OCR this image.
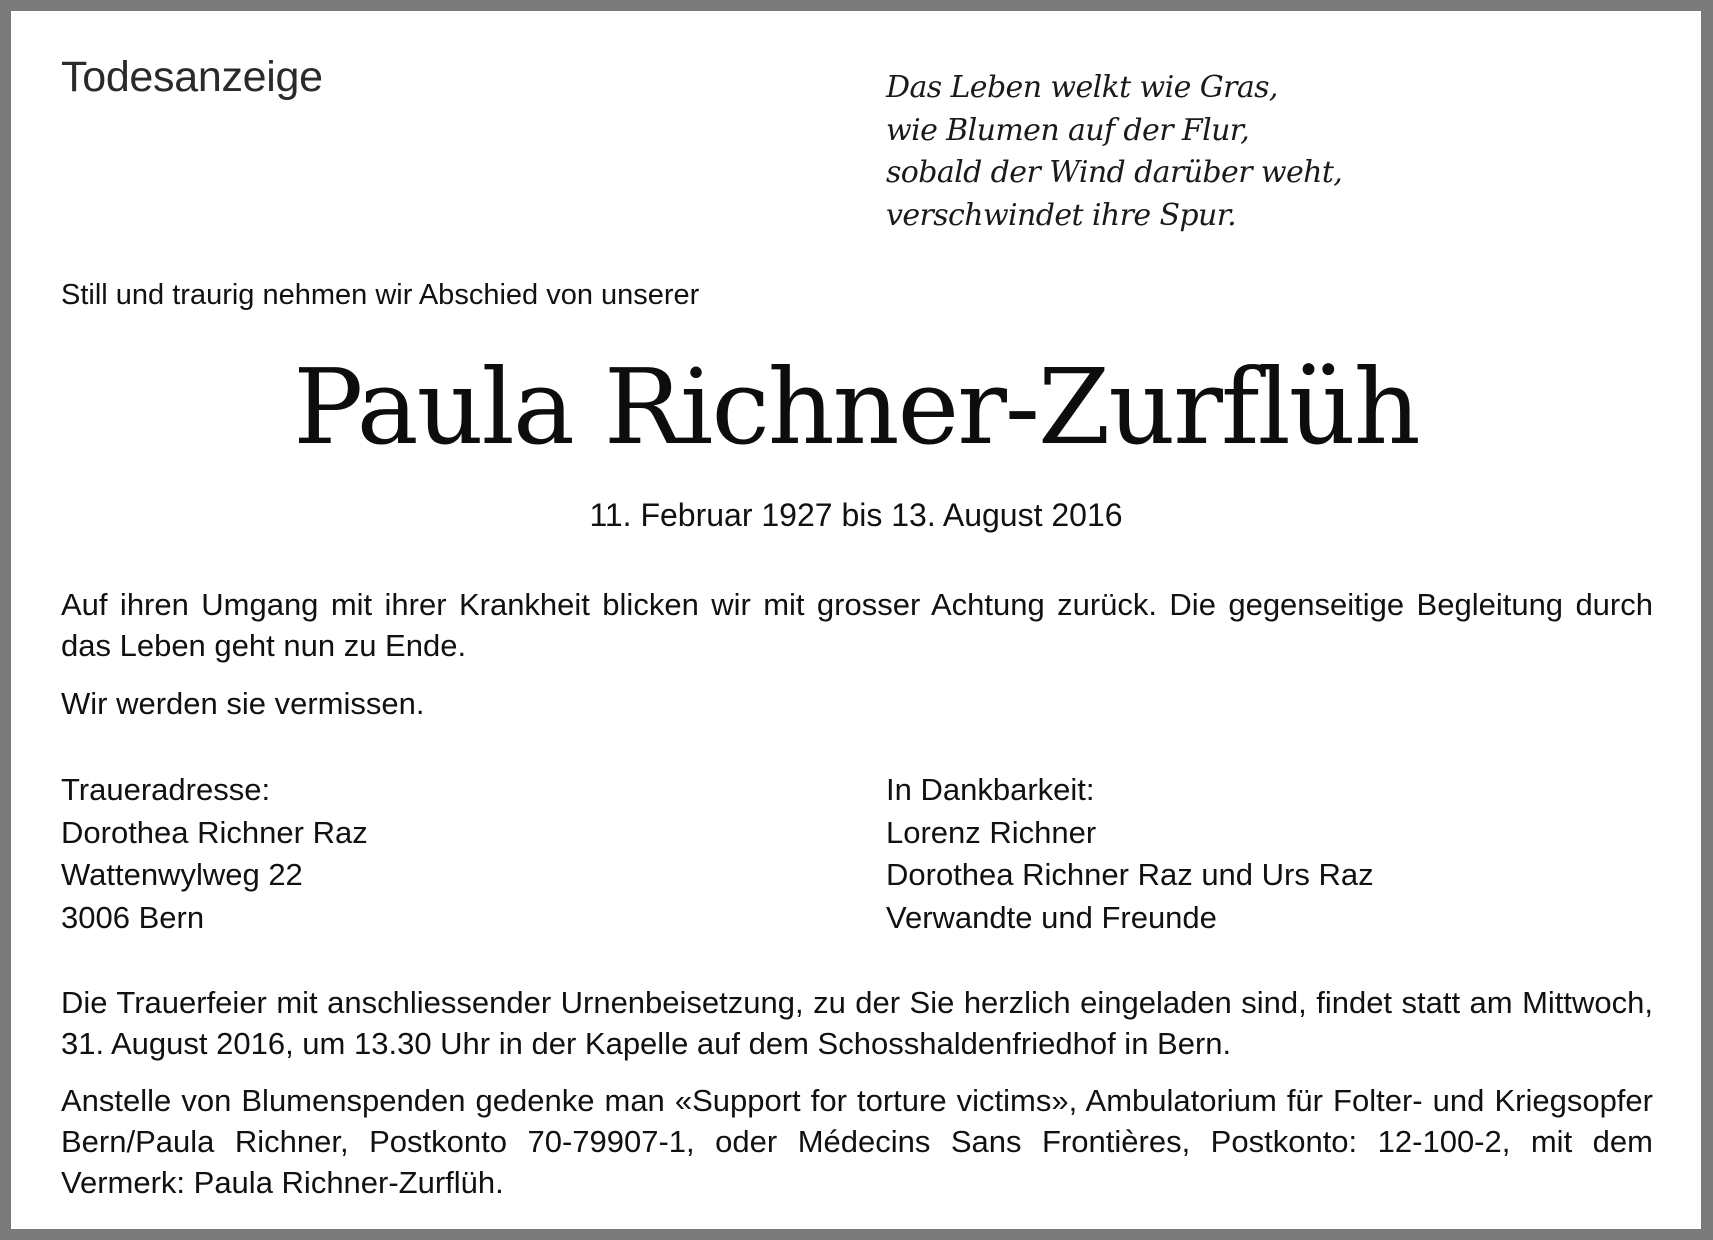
Todesanzeige	Das Leben welkt wie Gras,
wie Blumen auf der Flur,
sobald der Wind darüber weht,
verschwindet ihre Spur.

Still und traurig nehmen wir Abschied von unserer

Paula Richner-Zurflüh

11. Februar 1927 bis 13. August 2016

Auf ihren Umgang mit ihrer Krankheit blicken wir mit grosser Achtung zurück. Die gegenseitige Begleitung durch das Leben geht nun zu Ende.

Wir werden sie vermissen.

Traueradresse:
Dorothea Richner Raz
Wattenwylweg 22
3006 Bern
In Dankbarkeit:
Lorenz Richner
Dorothea Richner Raz und Urs Raz
Verwandte und Freunde

Die Trauerfeier mit anschliessender Urnenbeisetzung, zu der Sie herzlich eingeladen sind, findet statt am Mittwoch, 31. August 2016, um 13.30 Uhr in der Kapelle auf dem Schosshaldenfriedhof in Bern.

Anstelle von Blumenspenden gedenke man «Support for torture victims», Ambulatorium für Folter- und Kriegsopfer Bern/Paula Richner, Postkonto 70-79907-1, oder Médecins Sans Frontières, Postkonto: 12-100-2, mit dem Vermerk: Paula Richner-Zurflüh.
